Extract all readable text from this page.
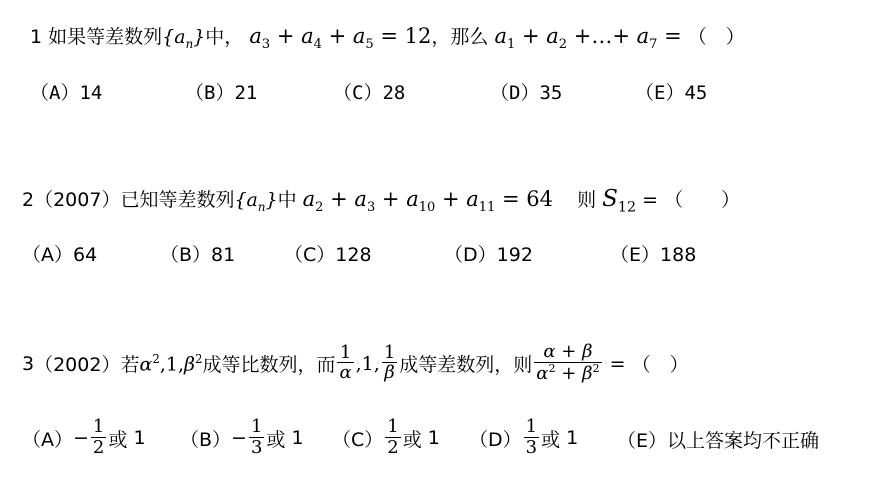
1 如果等差数列$\{a_n\}$中， $a_3 + a_4 + a_5 = 12$，那么 $a_1 + a_2$ +…+ $a_7$ = （　）
（A）14	（B）21	（C）28	（D）35	（E）45
2（2007）已知等差数列$\{a_n\}$中 $a_2 + a_3 + a_{10} + a_{11} = 64$ 则 $S_{12}$ = （　　）
（A）64	（B）81	（C）128	（D）192	（E）188
3 （2002） 若 $\alpha^2,1,\beta^2$ 成等比数列，而 $\frac{1}{\alpha} ,1$, $\frac{1}{\beta}$ 成等差数列，则 $\frac{\alpha + \beta}{\alpha^2 + \beta^2}$ = （　）
$(A) - \frac{1}{2}$ 或
1 $(B) - \frac{1}{3}$ 或
1 $(C) \frac{1}{2}$ 或
1 $(D) \frac{1}{3}$ 或
1 （E）以上答案均不正确
